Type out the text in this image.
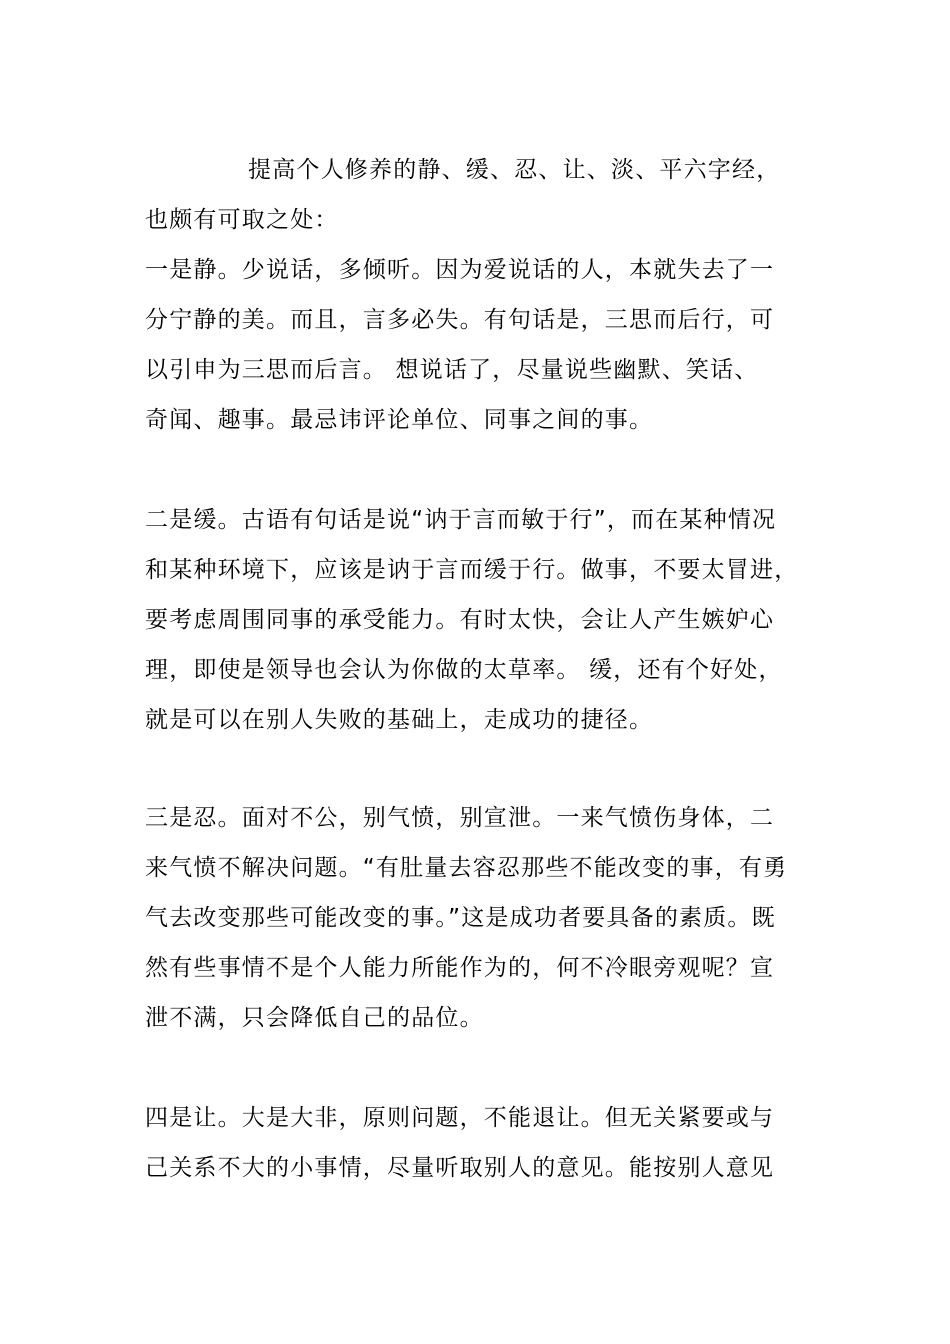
提高个人修养的静、缓、忍、让、淡、平六字经，
也颇有可取之处：
一是静。少说话，多倾听。因为爱说话的人，本就失去了一
分宁静的美。而且，言多必失。有句话是，三思而后行，可
以引申为三思而后言。 想说话了，尽量说些幽默、笑话、
奇闻、趣事。最忌讳评论单位、同事之间的事。
二是缓。古语有句话是说“讷于言而敏于行”，而在某种情况
和某种环境下，应该是讷于言而缓于行。做事，不要太冒进，
要考虑周围同事的承受能力。有时太快，会让人产生嫉妒心
理，即使是领导也会认为你做的太草率。 缓，还有个好处，
就是可以在别人失败的基础上，走成功的捷径。
三是忍。面对不公，别气愤，别宣泄。一来气愤伤身体，二
来气愤不解决问题。“有肚量去容忍那些不能改变的事，有勇
气去改变那些可能改变的事。”这是成功者要具备的素质。既
然有些事情不是个人能力所能作为的，何不冷眼旁观呢？宣
泄不满，只会降低自己的品位。
四是让。大是大非，原则问题，不能退让。但无关紧要或与
己关系不大的小事情，尽量听取别人的意见。能按别人意见
